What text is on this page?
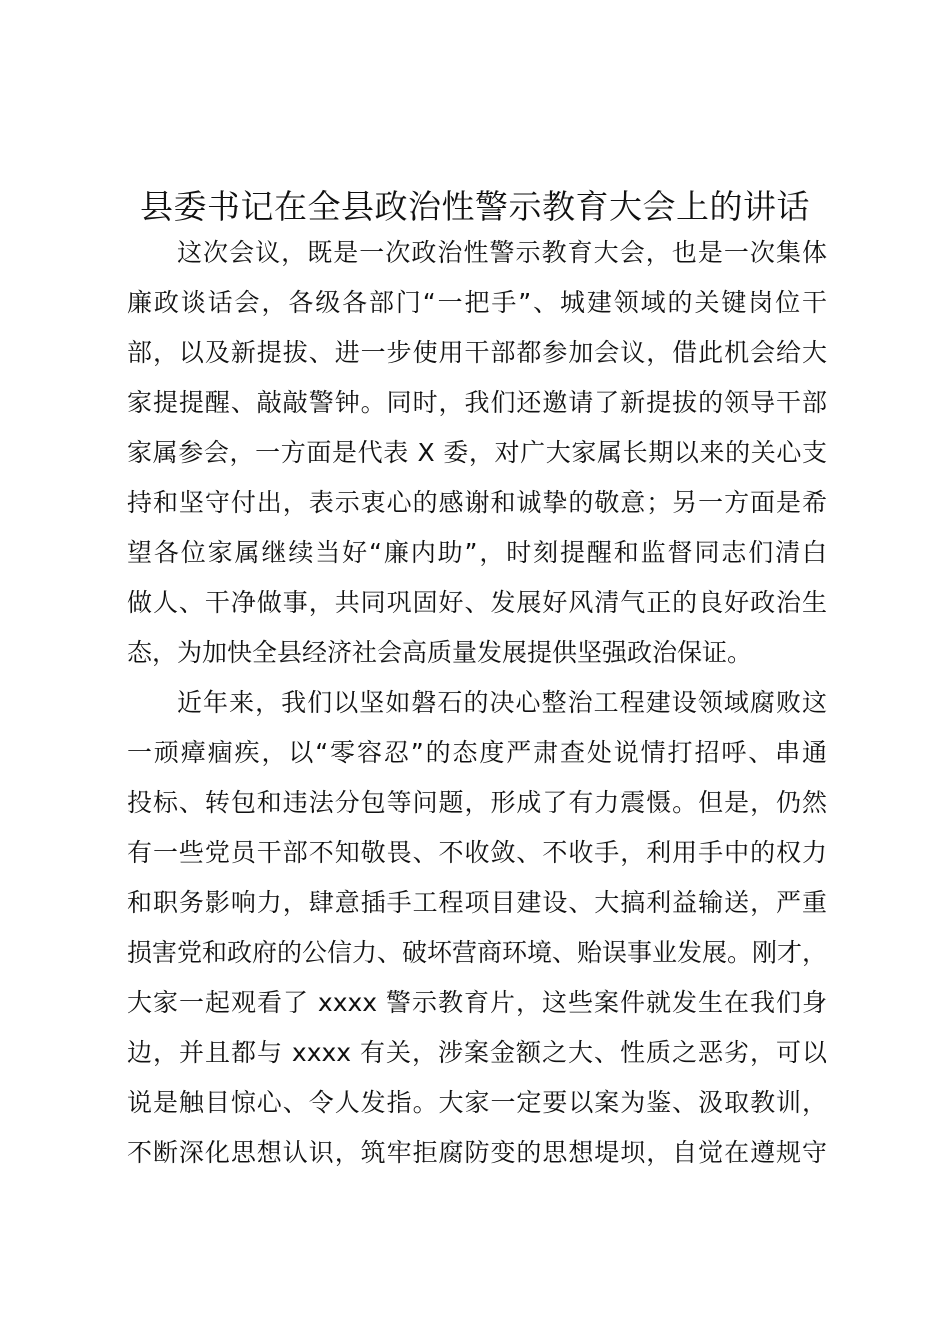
县委书记在全县政治性警示教育大会上的讲话

这次会议，既是一次政治性警示教育大会，也是一次集体
廉政谈话会，各级各部门“一把手”、城建领域的关键岗位干
部，以及新提拔、进一步使用干部都参加会议，借此机会给大
家提提醒、敲敲警钟。同时，我们还邀请了新提拔的领导干部
家属参会，一方面是代表 X 委，对广大家属长期以来的关心支
持和坚守付出，表示衷心的感谢和诚挚的敬意；另一方面是希
望各位家属继续当好“廉内助”，时刻提醒和监督同志们清白
做人、干净做事，共同巩固好、发展好风清气正的良好政治生
态，为加快全县经济社会高质量发展提供坚强政治保证。

近年来，我们以坚如磐石的决心整治工程建设领域腐败这
一顽瘴痼疾，以“零容忍”的态度严肃查处说情打招呼、串通
投标、转包和违法分包等问题，形成了有力震慑。但是，仍然
有一些党员干部不知敬畏、不收敛、不收手，利用手中的权力
和职务影响力，肆意插手工程项目建设、大搞利益输送，严重
损害党和政府的公信力、破坏营商环境、贻误事业发展。刚才，
大家一起观看了 xxxx 警示教育片，这些案件就发生在我们身
边，并且都与 xxxx 有关，涉案金额之大、性质之恶劣，可以
说是触目惊心、令人发指。大家一定要以案为鉴、汲取教训，
不断深化思想认识，筑牢拒腐防变的思想堤坝，自觉在遵规守
